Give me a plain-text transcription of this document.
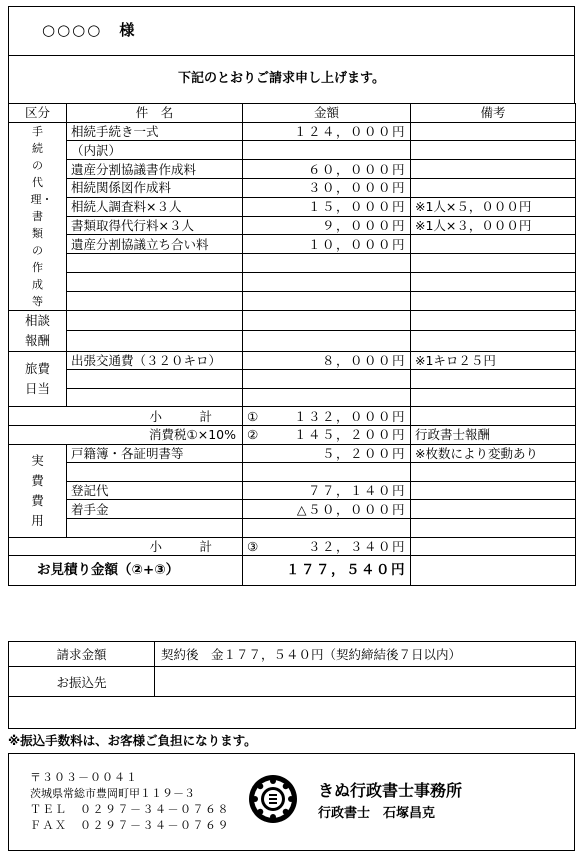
○○○○　様
下記のとおりご請求申し上げます。
区分	件　名	金額	備考
手続の代理・書類の作成等	相続手続き一式	１２４，０００円	
	（内訳）		
	遺産分割協議書作成料	６０，０００円	
	相続関係図作成料	３０，０００円	
	相続人調査料×３人	１５，０００円	※1人×５，０００円
	書類取得代行料×３人	９，０００円	※1人×３，０００円
	遺産分割協議立ち合い料	１０，０００円	

相談報酬			

旅費日当	出張交通費（３２０キロ）	８，０００円	※1キロ２５円

小　　　計		① １３２，０００円	
消費税①×10%		② １４５，２００円	行政書士報酬
実費費用	戸籍簿・各証明書等	５，２００円	※枚数により変動あり

	登記代	７７，１４０円	
	着手金	△５０，０００円	

小　　　計		③ ３２，３４０円	
お見積り金額（②+③）		１７７，５４０円	
請求金額	契約後　金１７７，５４０円（契約締結後７日以内）
お振込先	

※振込手数料は、お客様ご負担になります。
〒３０３－００４１
茨城県常総市豊岡町甲１１９－３
ＴＥＬ　０２９７－３４－０７６８
ＦＡＸ　０２９７－３４－０７６９
きぬ行政書士事務所
行政書士　石塚昌克
